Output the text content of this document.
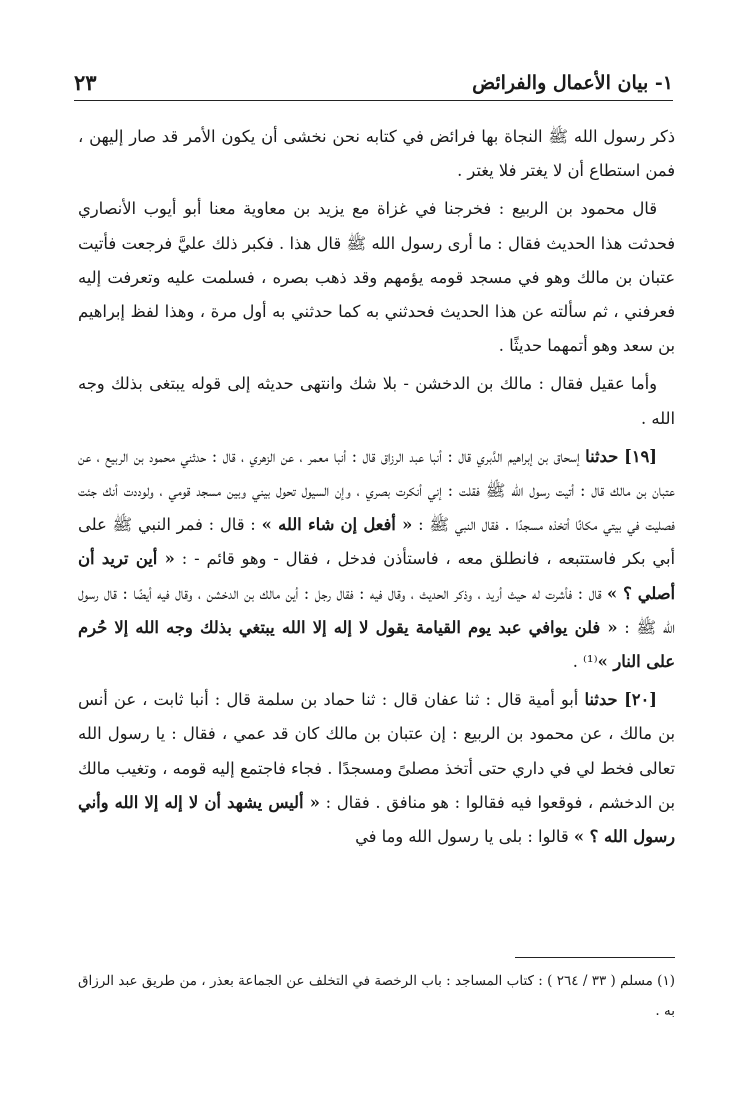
١- بيان الأعمال والفرائض
٢٣

ذكر رسول الله ﷺ النجاة بها فرائض في كتابه نحن نخشى أن يكون الأمر قد صار إليهن ، فمن استطاع أن لا يغتر فلا يغتر .

قال محمود بن الربيع : فخرجنا في غزاة مع يزيد بن معاوية معنا أبو أيوب الأنصاري فحدثت هذا الحديث فقال : ما أرى رسول الله ﷺ قال هذا . فكبر ذلك عليَّ فرجعت فأتيت عتبان بن مالك وهو في مسجد قومه يؤمهم وقد ذهب بصره ، فسلمت عليه وتعرفت إليه فعرفني ، ثم سألته عن هذا الحديث فحدثني به كما حدثني به أول مرة ، وهذا لفظ إبراهيم بن سعد وهو أتمهما حديثًا .

وأما عقيل فقال : مالك بن الدخشن - بلا شك وانتهى حديثه إلى قوله يبتغى بذلك وجه الله .

[١٩] حدثنا إسحاق بن إبراهيم الدَّبري قال : أنبا عبد الرزاق قال : أنبا معمر ، عن الزهري ، قال : حدثني محمود بن الربيع ، عن عتبان بن مالك قال : أتيت رسول الله ﷺ فقلت : إني أنكرت بصري ، وإن السيول تحول بيني وبين مسجد قومي ، ولوددت أنك جئت فصليت في بيتي مكانًا أتخذه مسجدًا . فقال النبي ﷺ : « أفعل إن شاء الله » : قال : فمر النبي ﷺ على أبي بكر فاستتبعه ، فانطلق معه ، فاستأذن فدخل ، فقال - وهو قائم - : « أين تريد أن أصلي ؟ » قال : فأشرت له حيث أريد ، وذكر الحديث ، وقال فيه : فقال رجل : أين مالك بن الدخشن ، وقال فيه أيضًا : قال رسول الله ﷺ : « فلن يوافي عبد يوم القيامة يقول لا إله إلا الله يبتغي بذلك وجه الله إلا حُرم على النار »⁽¹⁾ .

[٢٠] حدثنا أبو أمية قال : ثنا عفان قال : ثنا حماد بن سلمة قال : أنبا ثابت ، عن أنس بن مالك ، عن محمود بن الربيع : إن عتبان بن مالك كان قد عمي ، فقال : يا رسول الله تعالى فخط لي في داري حتى أتخذ مصلىً ومسجدًا . فجاء فاجتمع إليه قومه ، وتغيب مالك بن الدخشم ، فوقعوا فيه فقالوا : هو منافق . فقال : « أليس يشهد أن لا إله إلا الله وأني رسول الله ؟ » قالوا : بلى يا رسول الله وما في

(١) مسلم ( ٣٣ / ٢٦٤ ) : كتاب المساجد : باب الرخصة في التخلف عن الجماعة بعذر ، من طريق عبد الرزاق به .
